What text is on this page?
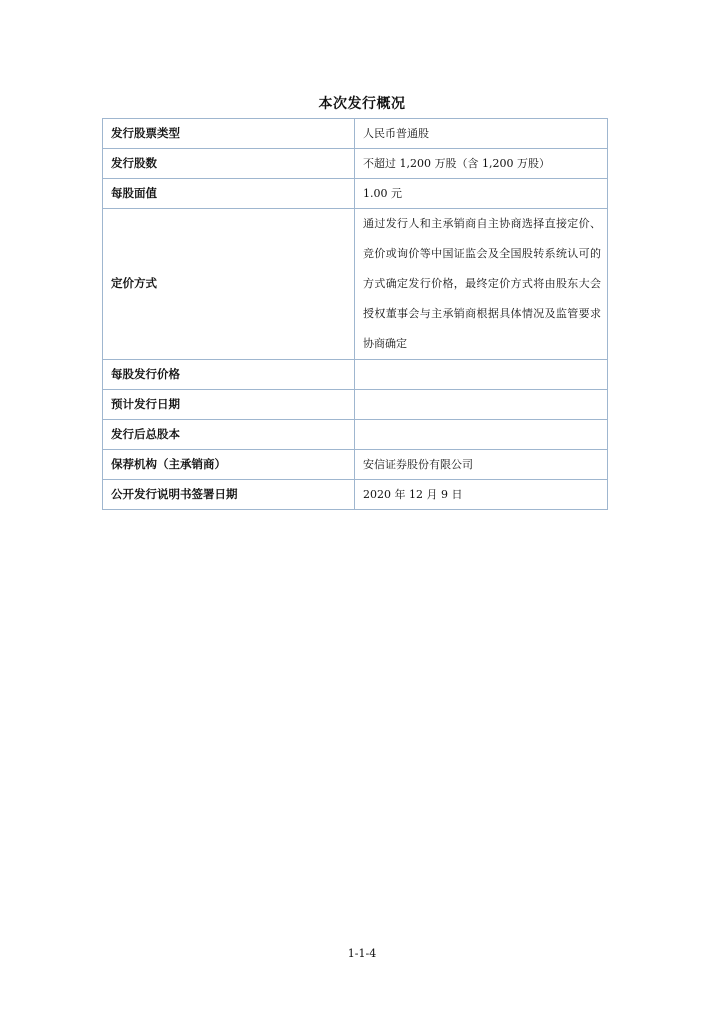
本次发行概况
发行股票类型	人民币普通股
发行股数	不超过 1,200 万股（含 1,200 万股）
每股面值	1.00 元
定价方式	通过发行人和主承销商自主协商选择直接定价、竞价或询价等中国证监会及全国股转系统认可的方式确定发行价格，最终定价方式将由股东大会授权董事会与主承销商根据具体情况及监管要求协商确定
每股发行价格	
预计发行日期	
发行后总股本	
保荐机构（主承销商）	安信证券股份有限公司
公开发行说明书签署日期	2020 年 12 月 9 日
1-1-4
